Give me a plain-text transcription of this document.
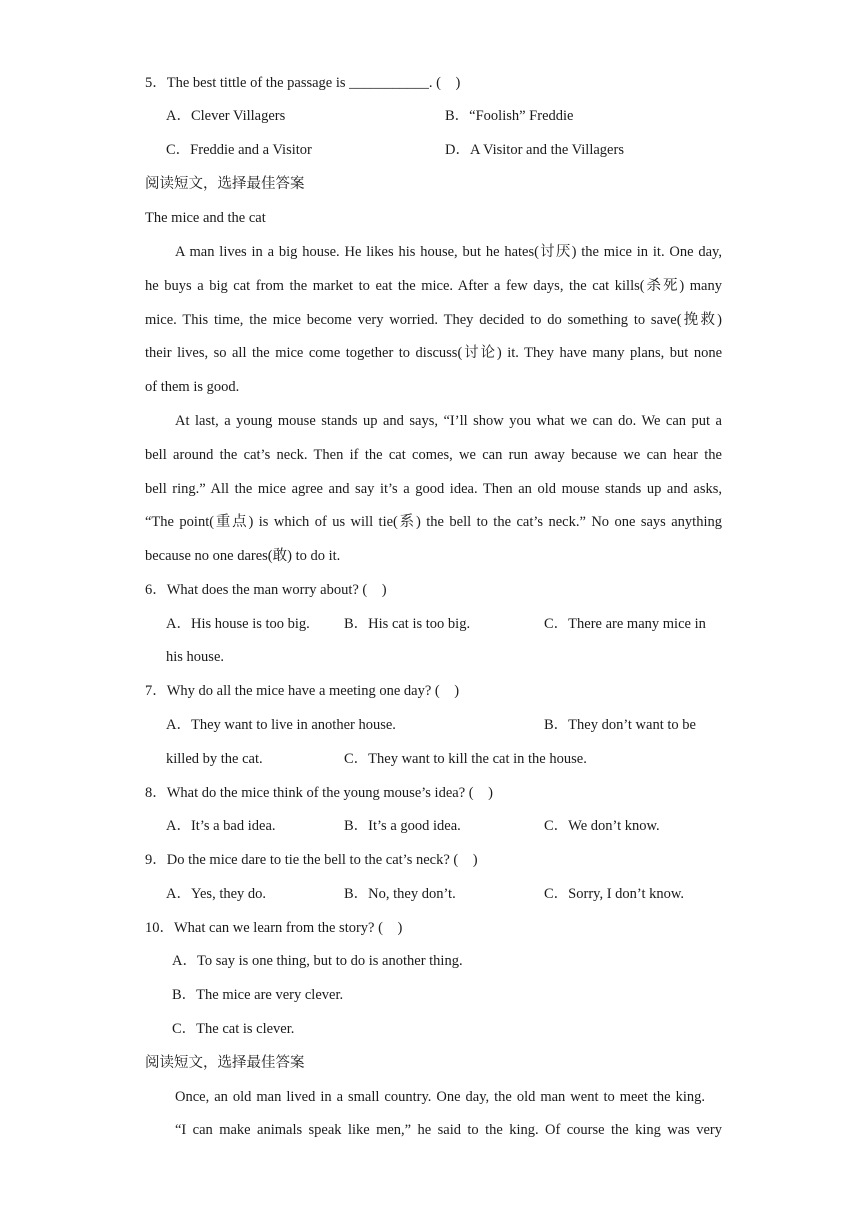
5．The best tittle of the passage is ___________. (　)
A．Clever Villagers	B．“Foolish” Freddie
C．Freddie and a Visitor	D．A Visitor and the Villagers
阅读短文，选择最佳答案
The mice and the cat
A man lives in a big house. He likes his house, but he hates(讨厌) the mice in it. One day,
he buys a big cat from the market to eat the mice. After a few days, the cat kills(杀死) many
mice. This time, the mice become very worried. They decided to do something to save(挽救)
their lives, so all the mice come together to discuss(讨论) it. They have many plans, but none
of them is good.
At last, a young mouse stands up and says, “I’ll show you what we can do. We can put a
bell around the cat’s neck. Then if the cat comes, we can run away because we can hear the
bell ring.” All the mice agree and say it’s a good idea. Then an old mouse stands up and asks,
“The point(重点) is which of us will tie(系) the bell to the cat’s neck.” No one says anything
because no one dares(敢) to do it.
6．What does the man worry about? (　)
A．His house is too big. B．His cat is too big.	C．There are many mice in
his house.
7．Why do all the mice have a meeting one day? (　)
A．They want to live in another house.	B．They don’t want to be
killed by the cat.	C．They want to kill the cat in the house.
8．What do the mice think of the young mouse’s idea? (　)
A．It’s a bad idea.	B．It’s a good idea.	C．We don’t know.
9．Do the mice dare to tie the bell to the cat’s neck? (　)
A．Yes, they do.	B．No, they don’t.	C．Sorry, I don’t know.
10．What can we learn from the story? (　)
A．To say is one thing, but to do is another thing.
B．The mice are very clever.
C．The cat is clever.
阅读短文，选择最佳答案
Once, an old man lived in a small country. One day, the old man went to meet the king.
“I can make animals speak like men,” he said to the king. Of course the king was very
